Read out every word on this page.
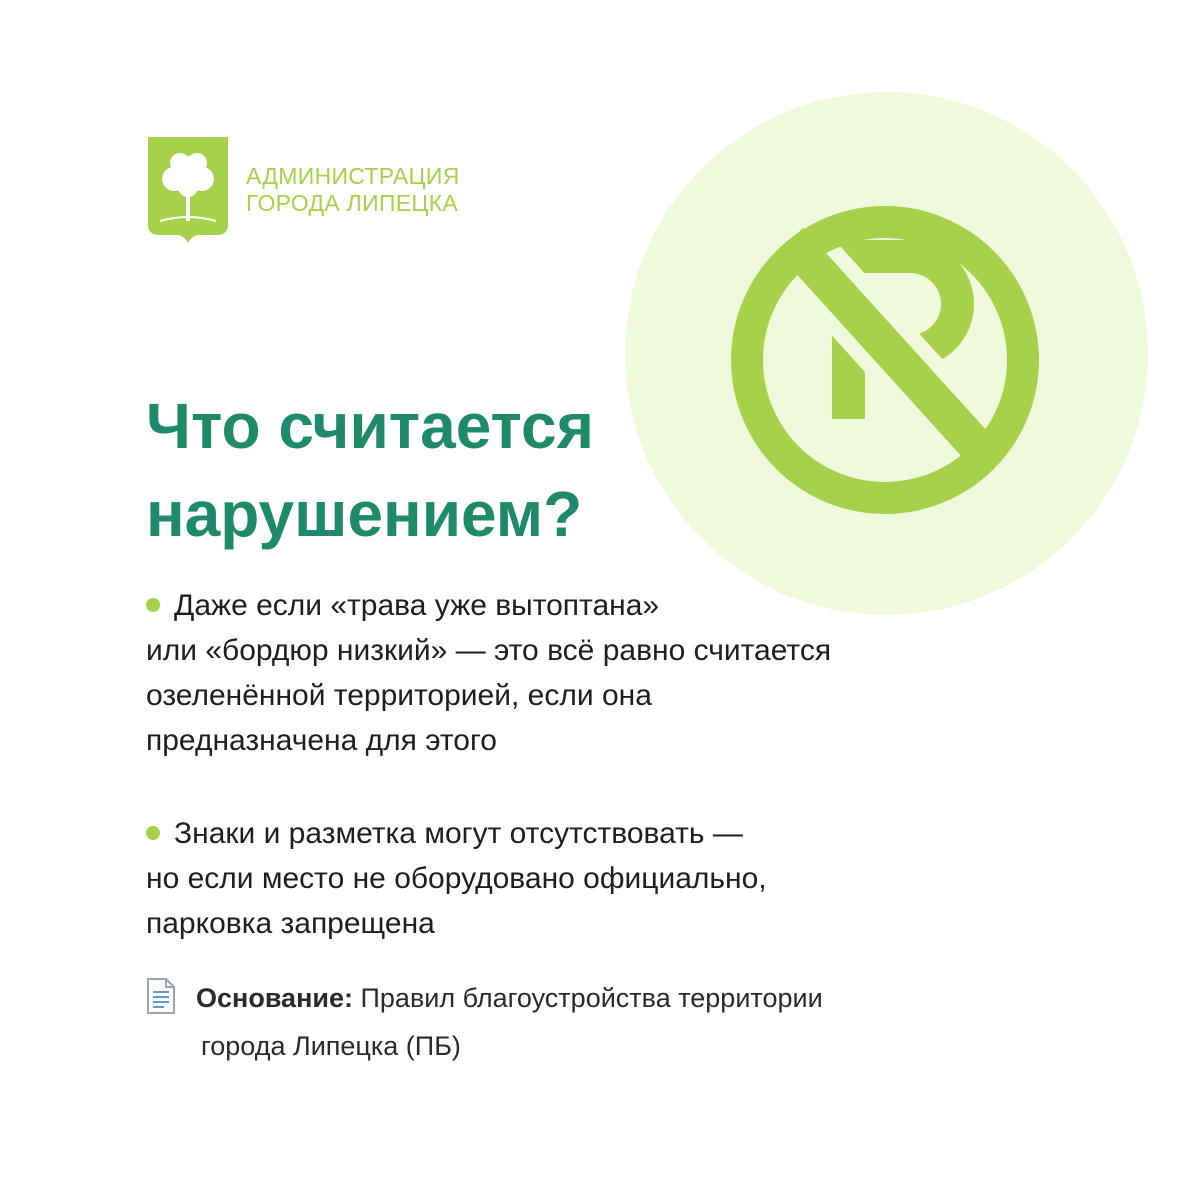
АДМИНИСТРАЦИЯ
ГОРОДА ЛИПЕЦКА
Что считается
нарушением?
Даже если «трава уже вытоптана»
или «бордюр низкий» — это всё равно считается
озеленённой территорией, если она
предназначена для этого
Знаки и разметка могут отсутствовать —
но если место не оборудовано официально,
парковка запрещена
Основание: Правил благоустройства территории
города Липецка (ПБ)
